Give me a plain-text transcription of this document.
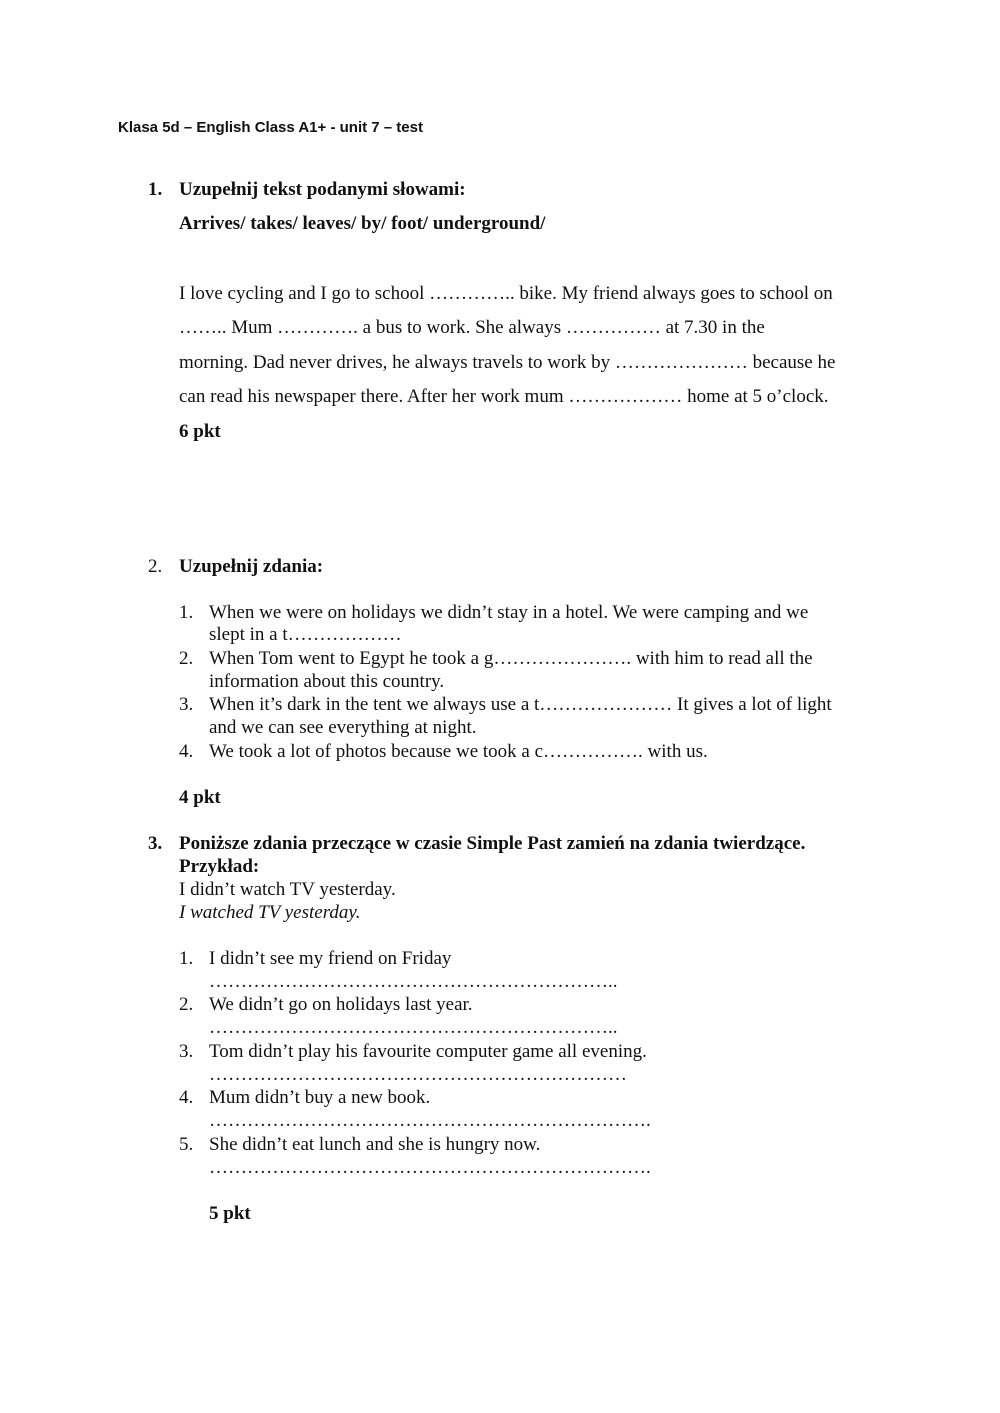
Klasa 5d – English Class A1+ - unit 7 – test
1. Uzupełnij tekst podanymi słowami:
Arrives/ takes/ leaves/ by/ foot/ underground/
I love cycling and I go to school ………….. bike. My friend always goes to school on
…….. Mum …………. a bus to work. She always …………… at 7.30 in the
morning. Dad never drives, he always travels to work by ………………… because he
can read his newspaper there. After her work mum ……………… home at 5 o’clock.
6 pkt
2. Uzupełnij zdania:
1. When we were on holidays we didn’t stay in a hotel. We were camping and we
slept in a t………………
2. When Tom went to Egypt he took a g…………………. with him to read all the
information about this country.
3. When it’s dark in the tent we always use a t………………… It gives a lot of light
and we can see everything at night.
4. We took a lot of photos because we took a c……………. with us.
4 pkt
3. Poniższe zdania przeczące w czasie Simple Past zamień na zdania twierdzące.
Przykład:
I didn’t watch TV yesterday.
I watched TV yesterday.
1. I didn’t see my friend on Friday
………………………………………………………..
2. We didn’t go on holidays last year.
………………………………………………………..
3. Tom didn’t play his favourite computer game all evening.
…………………………………………………………
4. Mum didn’t buy a new book.
…………………………………………………………….
5. She didn’t eat lunch and she is hungry now.
…………………………………………………………….
5 pkt
